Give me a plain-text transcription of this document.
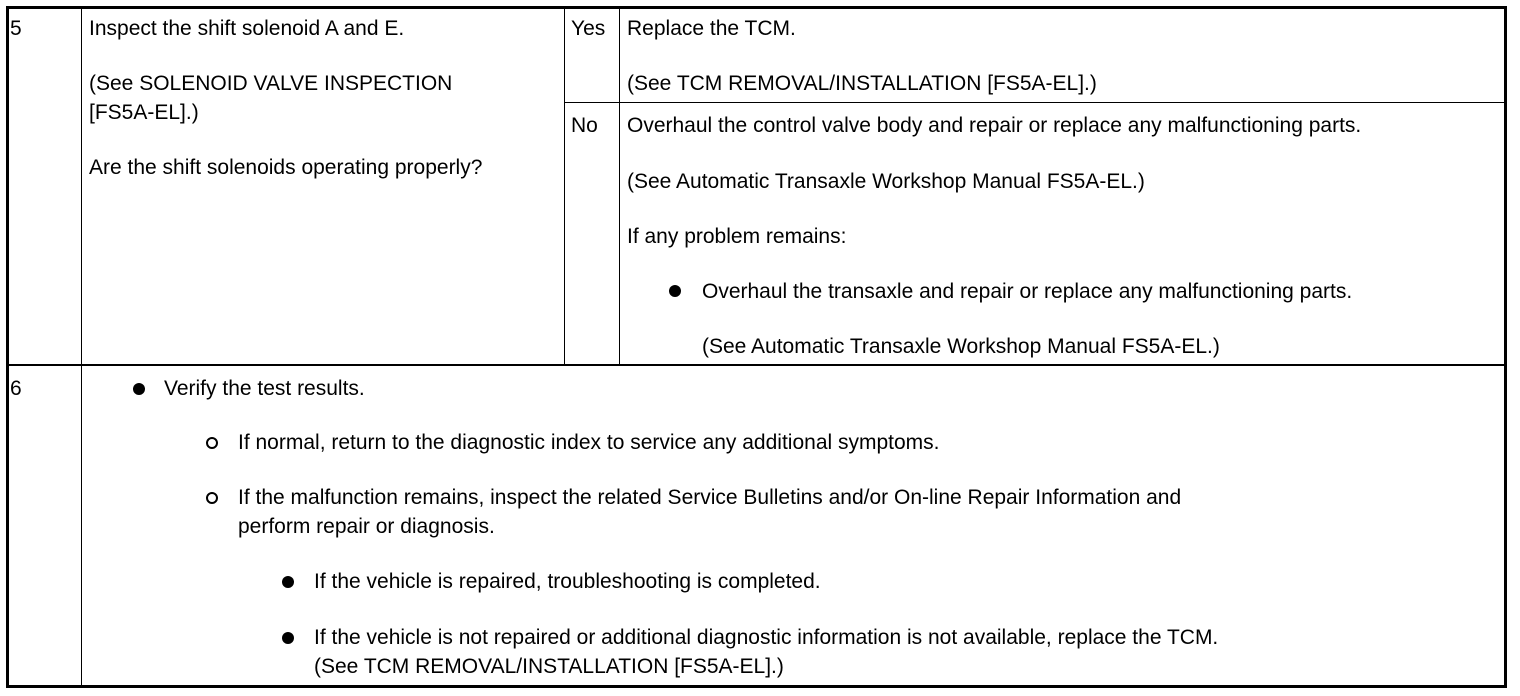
5	Inspect the shift solenoid A and E.
(See SOLENOID VALVE INSPECTION
[FS5A-EL].)
Are the shift solenoids operating properly?
Yes Replace the TCM.
(See TCM REMOVAL/INSTALLATION [FS5A-EL].)
No Overhaul the control valve body and repair or replace any malfunctioning parts.
(See Automatic Transaxle Workshop Manual FS5A-EL.)
If any problem remains:
Overhaul the transaxle and repair or replace any malfunctioning parts.
(See Automatic Transaxle Workshop Manual FS5A-EL.)
6	Verify the test results.
If normal, return to the diagnostic index to service any additional symptoms.
If the malfunction remains, inspect the related Service Bulletins and/or On-line Repair Information and
perform repair or diagnosis.
If the vehicle is repaired, troubleshooting is completed.
If the vehicle is not repaired or additional diagnostic information is not available, replace the TCM.
(See TCM REMOVAL/INSTALLATION [FS5A-EL].)
